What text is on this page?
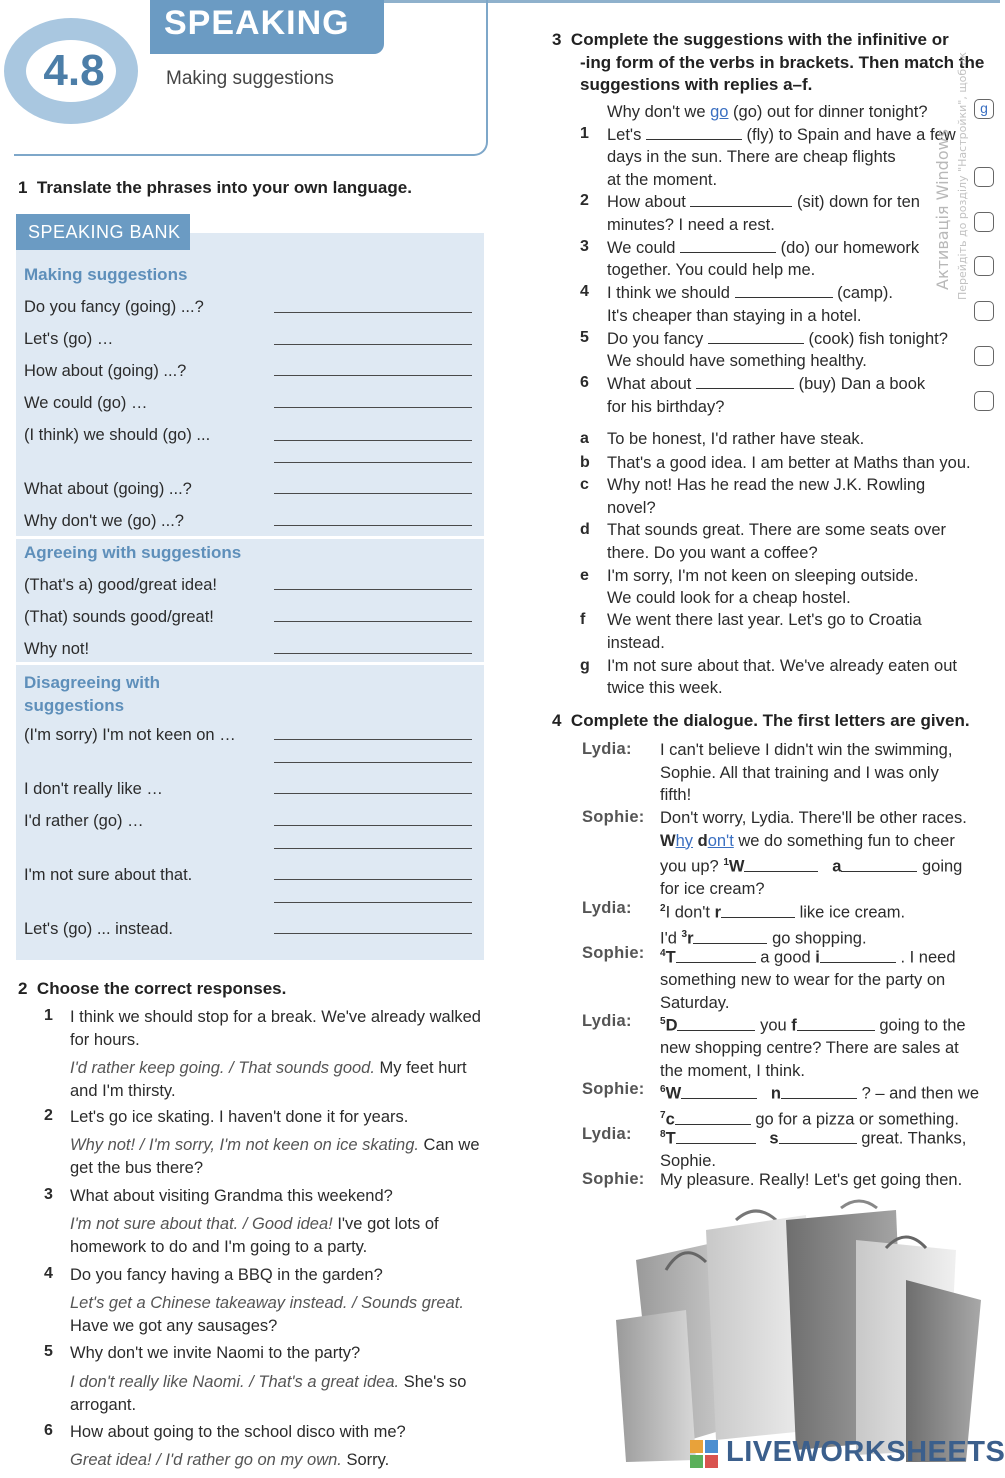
SPEAKING
4.8	Making suggestions
1 Translate the phrases into your own language.
SPEAKING BANK
Making suggestions
Do you fancy (going) ...?
Let's (go) …
How about (going) ...?
We could (go) …
(I think) we should (go) ...
What about (going) ...?
Why don't we (go) ...?
Agreeing with suggestions
(That's a) good/great idea!
(That) sounds good/great!
Why not!
Disagreeing with suggestions
(I'm sorry) I'm not keen on …
I don't really like …
I'd rather (go) …
I'm not sure about that.
Let's (go) ... instead.
2 Choose the correct responses.
1 I think we should stop for a break. We've already walked for hours.
I'd rather keep going. / That sounds good. My feet hurt and I'm thirsty.
2 Let's go ice skating. I haven't done it for years.
Why not! / I'm sorry, I'm not keen on ice skating. Can we get the bus there?
3 What about visiting Grandma this weekend?
I'm not sure about that. / Good idea! I've got lots of homework to do and I'm going to a party.
4 Do you fancy having a BBQ in the garden?
Let's get a Chinese takeaway instead. / Sounds great. Have we got any sausages?
5 Why don't we invite Naomi to the party?
I don't really like Naomi. / That's a great idea. She's so arrogant.
6 How about going to the school disco with me?
Great idea! / I'd rather go on my own. Sorry.
3 Complete the suggestions with the infinitive or
-ing form of the verbs in brackets. Then match the
suggestions with replies a–f.
Why don't we go (go) out for dinner tonight?	g
1 Let's	(fly) to Spain and have a few
days in the sun. There are cheap flights
at the moment.
2 How about	(sit) down for ten
minutes? I need a rest.
3 We could	(do) our homework
together. You could help me.
4 I think we should	(camp).
It's cheaper than staying in a hotel.
5 Do you fancy	(cook) fish tonight?
We should have something healthy.
6 What about	(buy) Dan a book
for his birthday?
a To be honest, I'd rather have steak.
b That's a good idea. I am better at Maths than you.
c Why not! Has he read the new J.K. Rowling
novel?
d That sounds great. There are some seats over
there. Do you want a coffee?
e I'm sorry, I'm not keen on sleeping outside.
We could look for a cheap hostel.
f We went there last year. Let's go to Croatia
instead.
g I'm not sure about that. We've already eaten out
twice this week.
4 Complete the dialogue. The first letters are given.
Lydia: I can't believe I didn't win the swimming,
Sophie. All that training and I was only
fifth!
Sophie: Don't worry, Lydia. There'll be other races.
Why don't we do something fun to cheer
you up? $^1$W	a	going
for ice cream?
Lydia:	$^2$I don't r	like ice cream.
I'd $^3$r	go shopping.
Sophie: $^4$T	a good i	. I need
something new to wear for the party on
Saturday.
Lydia:	$^5$D	you f	going to the
new shopping centre? There are sales at
the moment, I think.
Sophie: $^6$W	n	? – and then we
$^7$c	go for a pizza or something.
Lydia:	$^8$T	s	great. Thanks,
Sophie.
Sophie: My pleasure. Really! Let's get going then.
Активація Windows Перейдіть до розділу "Настройки", щоб ак
LIVEWORKSHEETS
